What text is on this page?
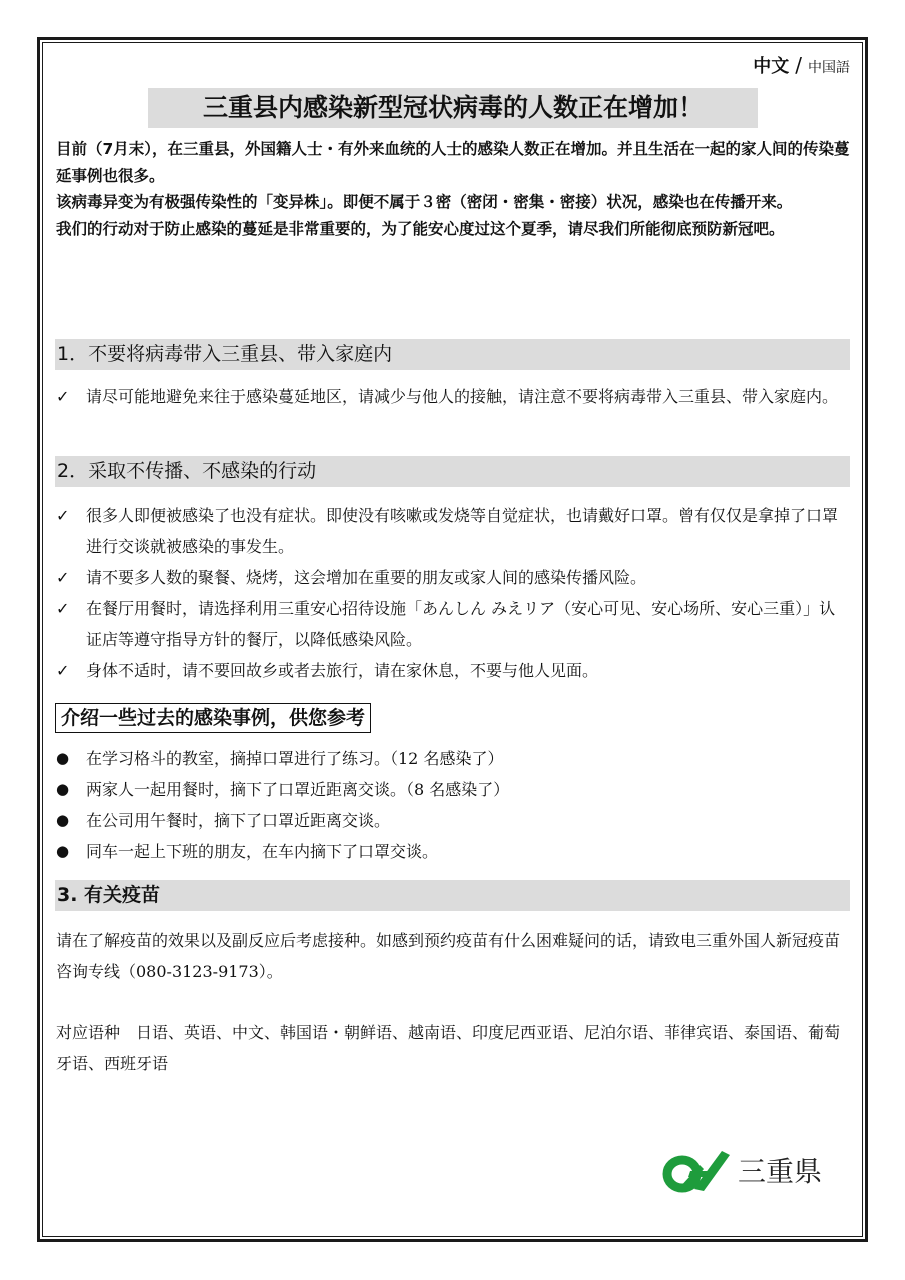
中文 / 中国語
三重县内感染新型冠状病毒的人数正在增加！

目前（7月末），在三重县，外国籍人士・有外来血统的人士的感染人数正在增加。并且生活在一起的家人间的传染蔓延事例也很多。

该病毒异变为有极强传染性的「变异株」。即便不属于３密（密闭・密集・密接）状况，感染也在传播开来。

我们的行动对于防止感染的蔓延是非常重要的，为了能安心度过这个夏季，请尽我们所能彻底预防新冠吧。

1．不要将病毒带入三重县、带入家庭内
✓ 请尽可能地避免来往于感染蔓延地区，请减少与他人的接触，请注意不要将病毒带入三重县、带入家庭内。
2．采取不传播、不感染的行动
✓ 很多人即便被感染了也没有症状。即使没有咳嗽或发烧等自觉症状，也请戴好口罩。曾有仅仅是拿掉了口罩进行交谈就被感染的事发生。
✓ 请不要多人数的聚餐、烧烤，这会增加在重要的朋友或家人间的感染传播风险。
✓ 在餐厅用餐时，请选择利用三重安心招待设施「あんしん みえリア（安心可见、安心场所、安心三重）」认证店等遵守指导方针的餐厅，以降低感染风险。
✓ 身体不适时，请不要回故乡或者去旅行，请在家休息，不要与他人见面。
介绍一些过去的感染事例，供您参考
● 在学习格斗的教室，摘掉口罩进行了练习。（12 名感染了）
● 两家人一起用餐时，摘下了口罩近距离交谈。（8 名感染了）
● 在公司用午餐时，摘下了口罩近距离交谈。
● 同车一起上下班的朋友，在车内摘下了口罩交谈。
3. 有关疫苗

请在了解疫苗的效果以及副反应后考虑接种。如感到预约疫苗有什么困难疑问的话，请致电三重外国人新冠疫苗咨询专线（080-3123-9173）。

对应语种　日语、英语、中文、韩国语・朝鲜语、越南语、印度尼西亚语、尼泊尔语、菲律宾语、泰国语、葡萄牙语、西班牙语

三重県
